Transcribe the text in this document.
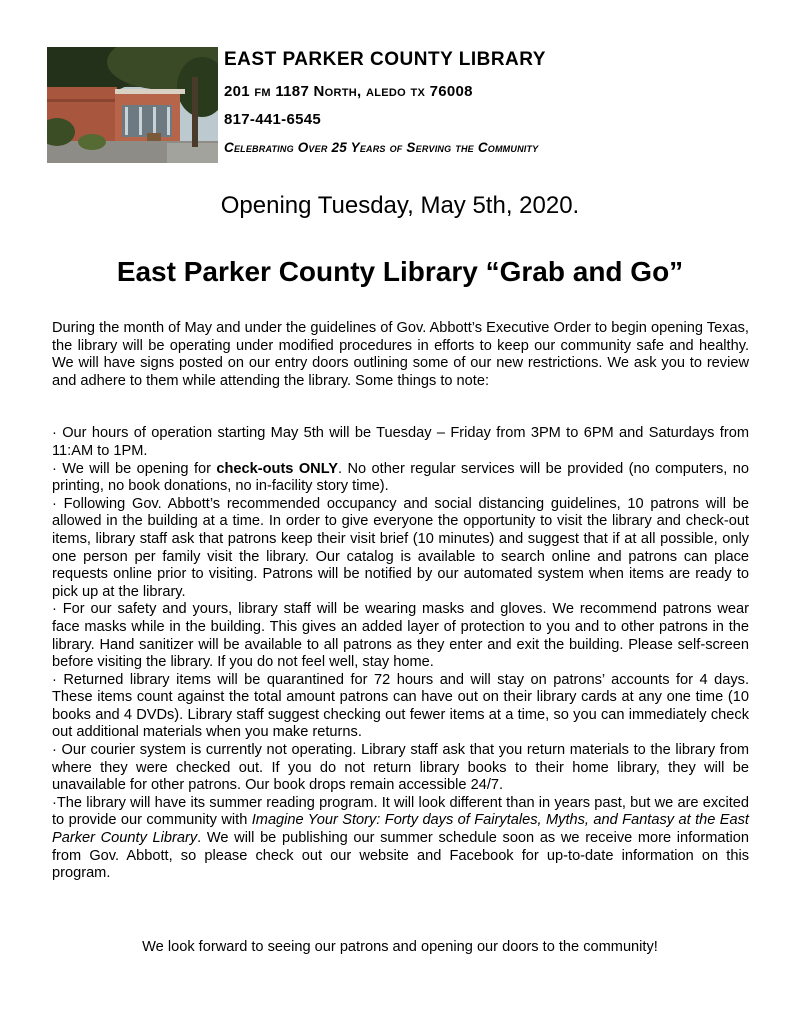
EAST PARKER COUNTY LIBRARY
201 fm 1187 North, aledo tx 76008
817-441-6545
Celebrating Over 25 Years of Serving the Community
Opening Tuesday, May 5th, 2020.
East Parker County Library “Grab and Go”

During the month of May and under the guidelines of Gov. Abbott’s Executive Order to begin opening Texas, the library will be operating under modified procedures in efforts to keep our community safe and healthy. We will have signs posted on our entry doors outlining some of our new restrictions. We ask you to review and adhere to them while attending the library. Some things to note:

· Our hours of operation starting May 5th will be Tuesday – Friday from 3PM to 6PM and Saturdays from 11:AM to 1PM.

· We will be opening for check-outs ONLY. No other regular services will be provided (no computers, no printing, no book donations, no in-facility story time).

· Following Gov. Abbott’s recommended occupancy and social distancing guidelines, 10 patrons will be allowed in the building at a time. In order to give everyone the opportunity to visit the library and check-out items, library staff ask that patrons keep their visit brief (10 minutes) and suggest that if at all possible, only one person per family visit the library. Our catalog is available to search online and patrons can place requests online prior to visiting. Patrons will be notified by our automated system when items are ready to pick up at the library.

· For our safety and yours, library staff will be wearing masks and gloves. We recommend patrons wear face masks while in the building. This gives an added layer of protection to you and to other patrons in the library. Hand sanitizer will be available to all patrons as they enter and exit the building. Please self-screen before visiting the library. If you do not feel well, stay home.

· Returned library items will be quarantined for 72 hours and will stay on patrons’ accounts for 4 days. These items count against the total amount patrons can have out on their library cards at any one time (10 books and 4 DVDs). Library staff suggest checking out fewer items at a time, so you can immediately check out additional materials when you make returns.

· Our courier system is currently not operating. Library staff ask that you return materials to the library from where they were checked out. If you do not return library books to their home library, they will be unavailable for other patrons. Our book drops remain accessible 24/7.

·The library will have its summer reading program. It will look different than in years past, but we are excited to provide our community with Imagine Your Story: Forty days of Fairytales, Myths, and Fantasy at the East Parker County Library. We will be publishing our summer schedule soon as we receive more information from Gov. Abbott, so please check out our website and Facebook for up-to-date information on this program.

We look forward to seeing our patrons and opening our doors to the community!
